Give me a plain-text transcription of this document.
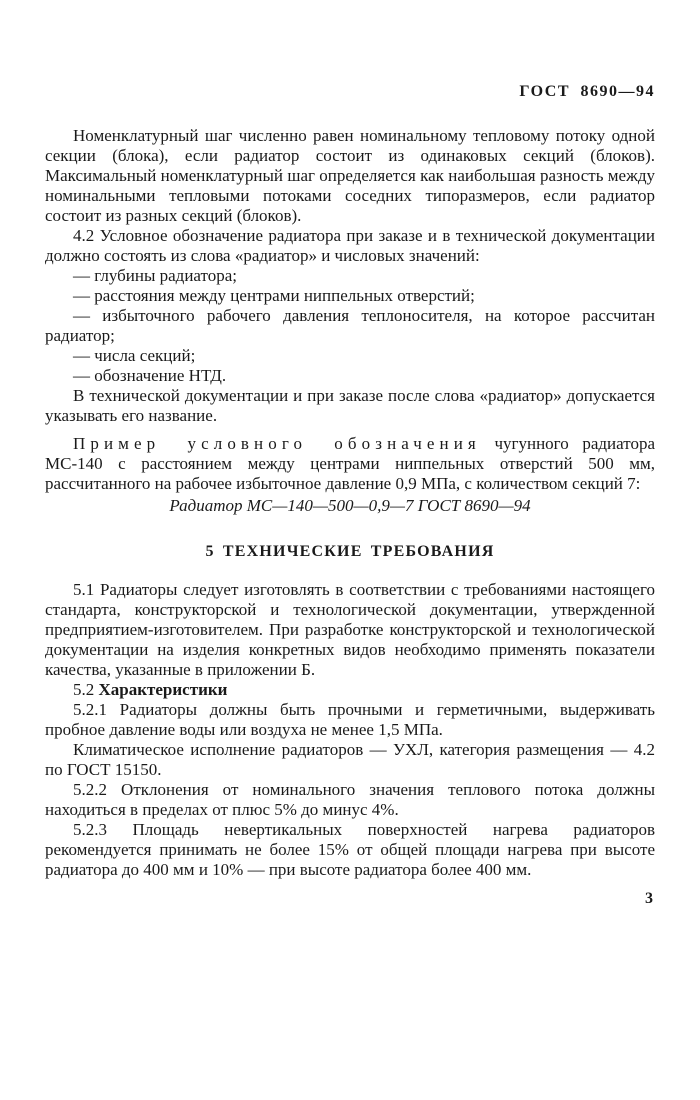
ГОСТ 8690—94

Номенклатурный шаг численно равен номинальному тепловому потоку одной секции (блока), если радиатор состоит из одинаковых секций (блоков). Максимальный номенклатурный шаг определяется как наибольшая разность между номинальными тепловыми потоками соседних типоразмеров, если радиатор состоит из разных секций (блоков).

4.2 Условное обозначение радиатора при заказе и в технической документации должно состоять из слова «радиатор» и числовых значений:

— глубины радиатора;

— расстояния между центрами ниппельных отверстий;

— избыточного рабочего давления теплоносителя, на которое рассчитан радиатор;

— числа секций;

— обозначение НТД.

В технической документации и при заказе после слова «радиатор» допускается указывать его название.

Пример условного обозначения чугунного радиатора МС-140 с расстоянием между центрами ниппельных отверстий 500 мм, рассчитанного на рабочее избыточное давление 0,9 МПа, с количеством секций 7:

Радиатор МС—140—500—0,9—7 ГОСТ 8690—94

5 ТЕХНИЧЕСКИЕ ТРЕБОВАНИЯ

5.1 Радиаторы следует изготовлять в соответствии с требованиями настоящего стандарта, конструкторской и технологической документации, утвержденной предприятием-изготовителем. При разработке конструкторской и технологической документации на изделия конкретных видов необходимо применять показатели качества, указанные в приложении Б.

5.2 Характеристики

5.2.1 Радиаторы должны быть прочными и герметичными, выдерживать пробное давление воды или воздуха не менее 1,5 МПа.

Климатическое исполнение радиаторов — УХЛ, категория размещения — 4.2 по ГОСТ 15150.

5.2.2 Отклонения от номинального значения теплового потока должны находиться в пределах от плюс 5% до минус 4%.

5.2.3 Площадь невертикальных поверхностей нагрева радиаторов рекомендуется принимать не более 15% от общей площади нагрева при высоте радиатора до 400 мм и 10% — при высоте радиатора более 400 мм.

3
